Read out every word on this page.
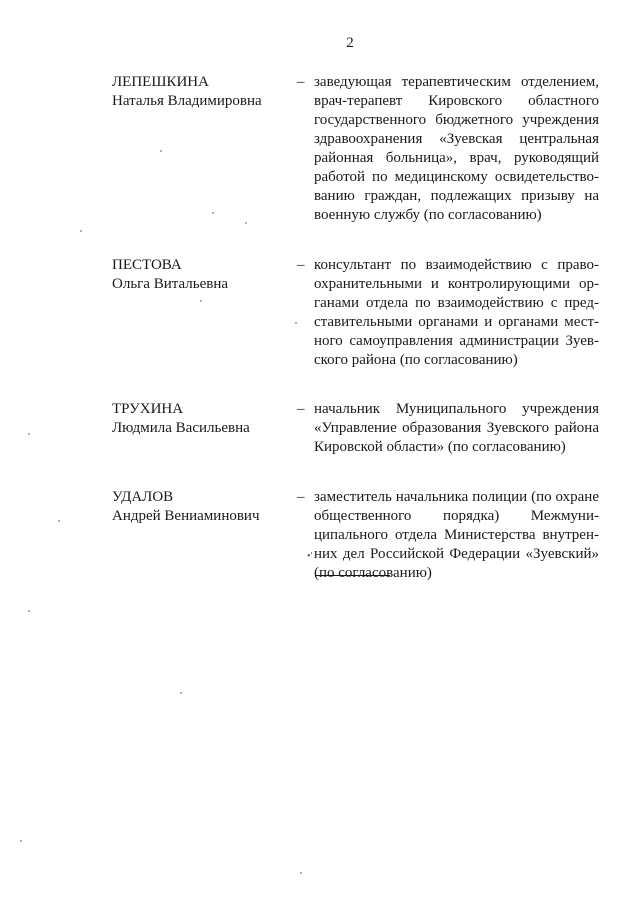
2
ЛЕПЕШКИНА
Наталья Владимировна
– заведующая терапевтическим отделением, врач-терапевт Кировского областного государственного бюджетного учреждения здравоохранения «Зуевская центральная районная больница», врач, руководящий работой по медицинскому освидетельствованию граждан, подлежащих призыву на военную службу (по согласованию)
ПЕСТОВА
Ольга Витальевна
– консультант по взаимодействию с правоохранительными и контролирующими органами отдела по взаимодействию с представительными органами и органами местного самоуправления администрации Зуевского района (по согласованию)
ТРУХИНА
Людмила Васильевна
– начальник Муниципального учреждения «Управление образования Зуевского района Кировской области» (по согласованию)
УДАЛОВ
Андрей Вениаминович
– заместитель начальника полиции (по охране общественного порядка) Межмуниципального отдела Министерства внутренних дел Российской Федерации «Зуевский» (по согласованию)
•′
